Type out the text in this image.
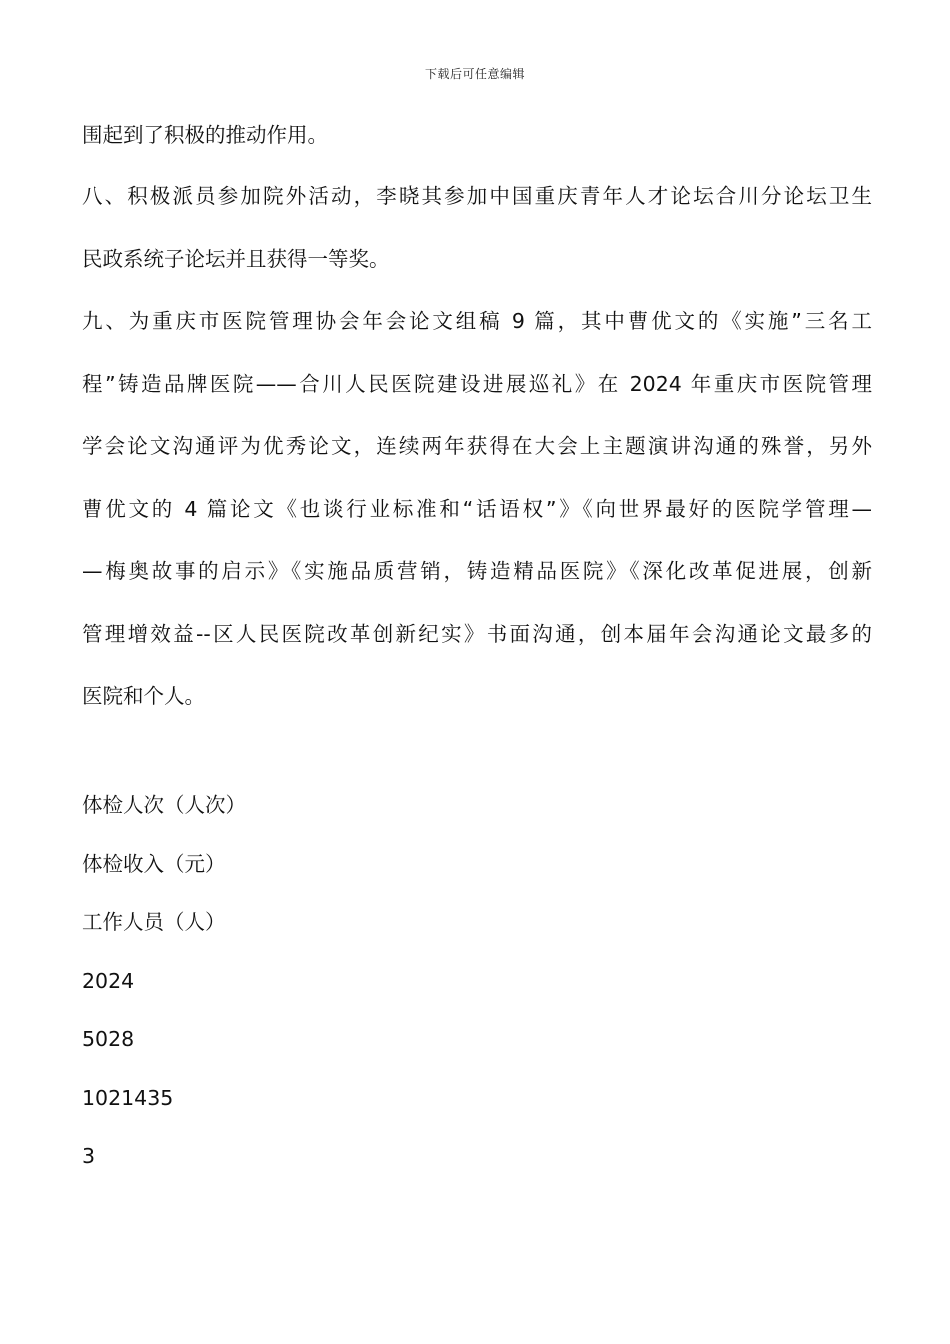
下载后可任意编辑
围起到了积极的推动作用。
八、积极派员参加院外活动，李晓其参加中国重庆青年人才论坛合川分论坛卫生
民政系统子论坛并且获得一等奖。
九、为重庆市医院管理协会年会论文组稿 9 篇，其中曹优文的《实施”三名工
程”铸造品牌医院——合川人民医院建设进展巡礼》在 2024 年重庆市医院管理
学会论文沟通评为优秀论文，连续两年获得在大会上主题演讲沟通的殊誉，另外
曹优文的 4 篇论文《也谈行业标准和“话语权”》《向世界最好的医院学管理—
—梅奥故事的启示》《实施品质营销，铸造精品医院》《深化改革促进展，创新
管理增效益--区人民医院改革创新纪实》书面沟通，创本届年会沟通论文最多的
医院和个人。
体检人次（人次）
体检收入（元）
工作人员（人）
2024
5028
1021435
3
